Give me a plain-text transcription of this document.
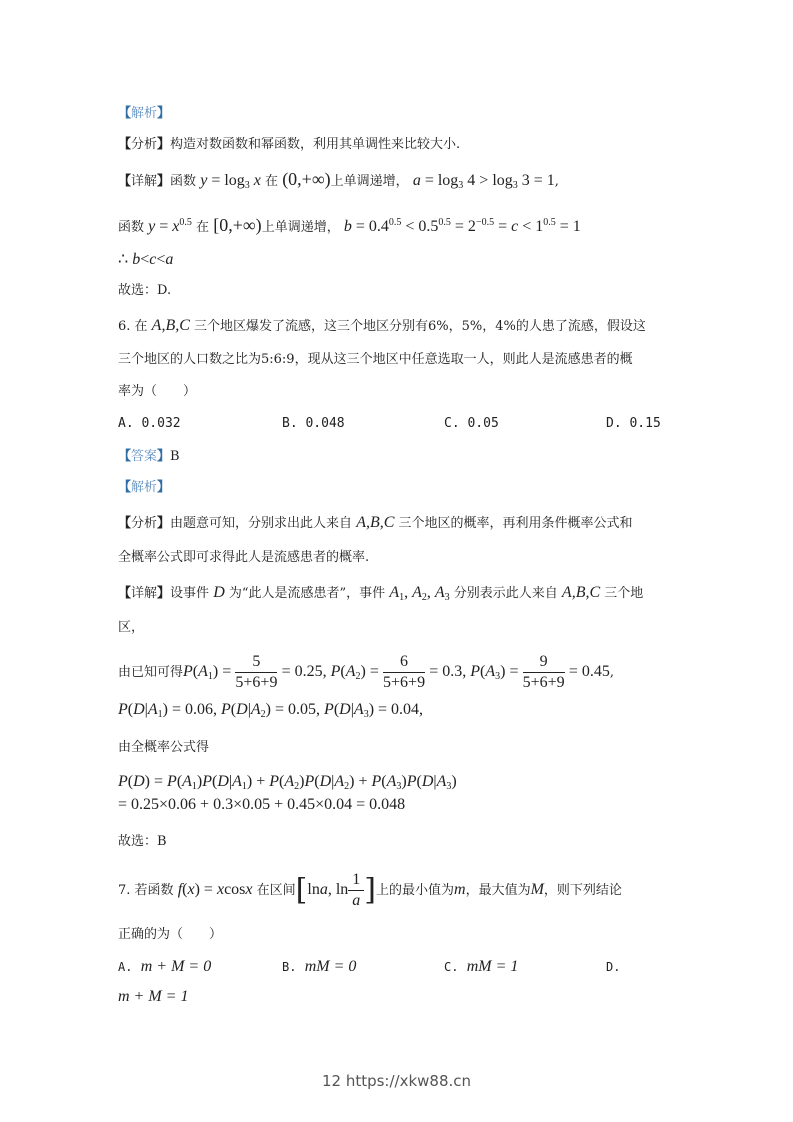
【解析】
【分析】构造对数函数和幂函数，利用其单调性来比较大小.
【详解】函数 $y = \log_3 x$ 在 (0,+∞)上单调递增， $a = \log_3 4 > \log_3 3 = 1$,
函数 $y = x^{0.5}$ 在 [0,+∞)上单调递增， $b = 0.4^{0.5} < 0.5^{0.5} = 2^{-0.5} = c < 1^{0.5} = 1$
∴ b<c<a
故选：D.
6. 在 A,B,C 三个地区爆发了流感，这三个地区分别有6%，5%，4%的人患了流感，假设这
三个地区的人口数之比为5:6:9，现从这三个地区中任意选取一人，则此人是流感患者的概
率为（　　）
A. 0.032	B. 0.048	C. 0.05	D. 0.15
【答案】B
【解析】
【分析】由题意可知，分别求出此人来自 A,B,C 三个地区的概率，再利用条件概率公式和
全概率公式即可求得此人是流感患者的概率.
【详解】设事件 D 为“此人是流感患者”，事件 $A_1$, $A_2$, $A_3$ 分别表示此人来自 A,B,C 三个地
区，
由已知可得$P(A_1) = \frac{5}{5+6+9} = 0.25$, $P(A_2) = \frac{6}{5+6+9} = 0.3$, $P(A_3) = \frac{9}{5+6+9} = 0.45$,
$P(D|A_1) = 0.06$, $P(D|A_2) = 0.05$, $P(D|A_3) = 0.04$,
由全概率公式得
$P(D) = P(A_1)P(D|A_1) + P(A_2)P(D|A_2) + P(A_3)P(D|A_3)$
= 0.25×0.06 + 0.3×0.05 + 0.45×0.04 = 0.048
故选：B
7. 若函数 f(x) = xcosx 在区间[lna, $\ln \frac{1}{a}$ ]上的最小值为m，最大值为M，则下列结论
正确的为（　　）
A. m + M = 0	B. mM = 0	C. mM = 1	D.
m + M = 1
12 https://xkw88.cn
